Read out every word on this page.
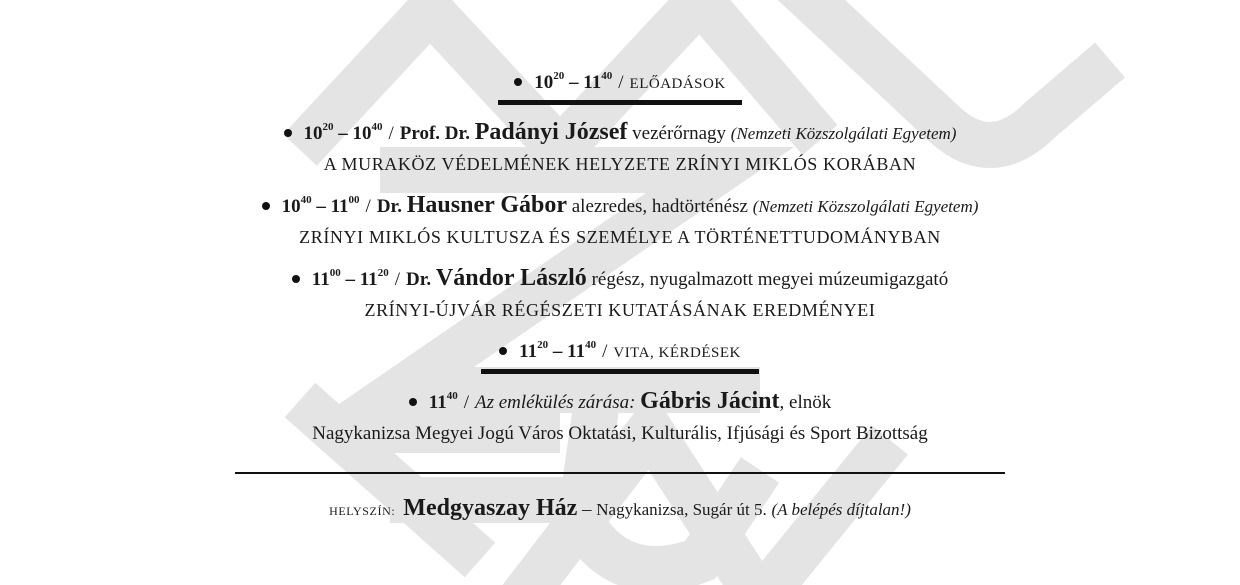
$10^{20} - 11^{40}$ / ELŐADÁSOK
$10^{20} - 10^{40}$ / Prof. Dr. Padányi József vezérőrnagy (Nemzeti Közszolgálati Egyetem)
A MURAKÖZ VÉDELMÉNEK HELYZETE ZRÍNYI MIKLÓS KORÁBAN
$10^{40} - 11^{00}$ / Dr. Hausner Gábor alezredes, hadtörténész (Nemzeti Közszolgálati Egyetem)
ZRÍNYI MIKLÓS KULTUSZA ÉS SZEMÉLYE A TÖRTÉNETTUDOMÁNYBAN
$11^{00} - 11^{20}$ / Dr. Vándor László régész, nyugalmazott megyei múzeumigazgató
ZRÍNYI-ÚJVÁR RÉGÉSZETI KUTATÁSÁNAK EREDMÉNYEI
$11^{20} - 11^{40}$ / VITA, KÉRDÉSEK
$11^{40}$ / Az emlékülés zárása: Gábris Jácint, elnök
Nagykanizsa Megyei Jogú Város Oktatási, Kulturális, Ifjúsági és Sport Bizottság
HELYSZÍN: Medgyaszay Ház – Nagykanizsa, Sugár út 5. (A belépés díjtalan!)
